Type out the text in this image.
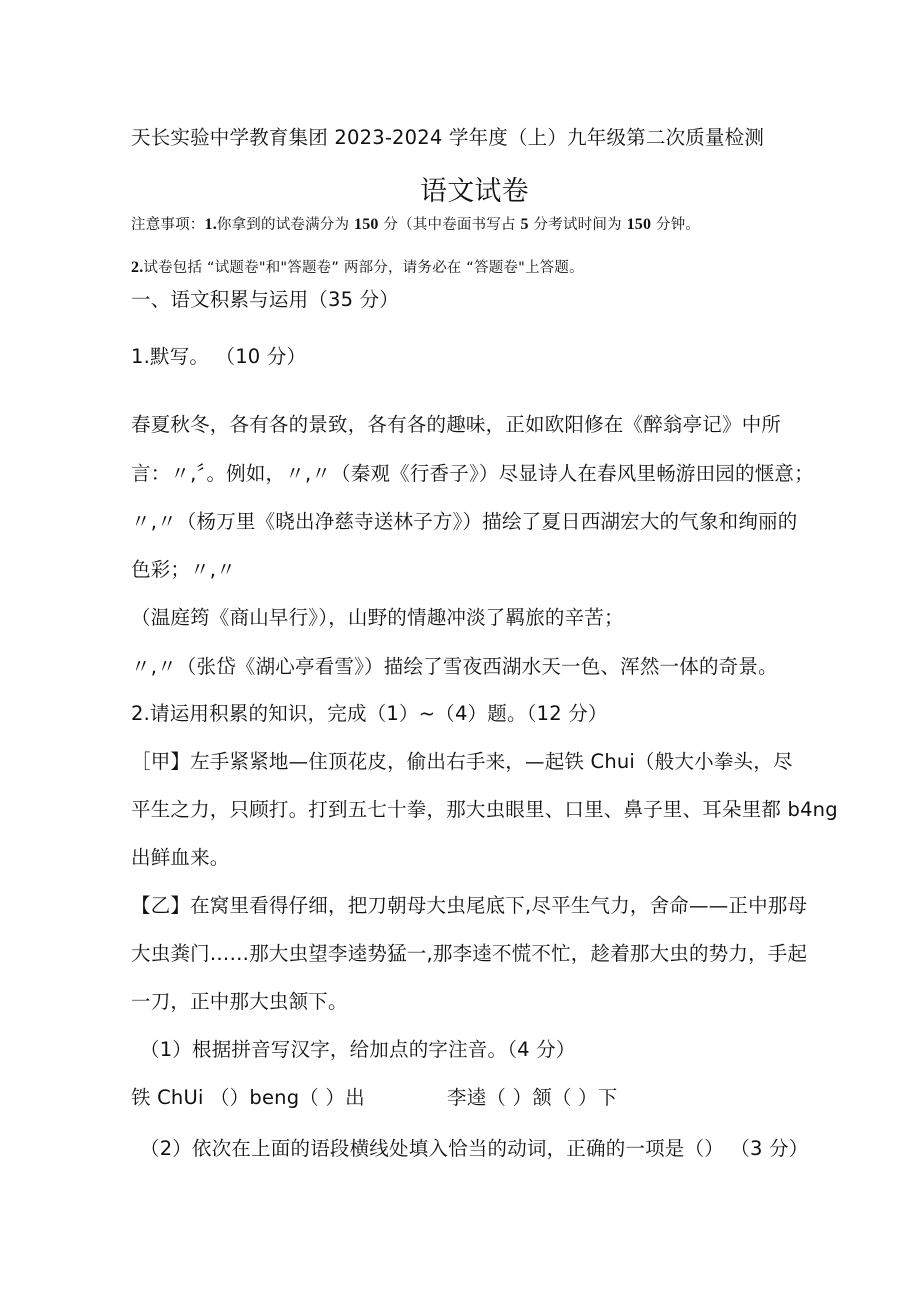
天长实验中学教育集团 2023-2024 学年度（上）九年级第二次质量检测
语文试卷
注意事项：1.你拿到的试卷满分为 150 分（其中卷面书写占 5 分考试时间为 150 分钟。
2.试卷包括 “试题卷"和"答题卷” 两部分，请务必在 “答题卷"上答题。
一、语文积累与运用（35 分）
1.默写。 （10 分）
春夏秋冬，各有各的景致，各有各的趣味，正如欧阳修在《醉翁亭记》中所
言：〃,〞。例如，〃,〃（秦观《行香子》）尽显诗人在春风里畅游田园的惬意；
〃,〃（杨万里《晓出净慈寺送林子方》）描绘了夏日西湖宏大的气象和绚丽的
色彩；〃,〃
（温庭筠《商山早行》），山野的情趣冲淡了羁旅的辛苦；
〃,〃（张岱《湖心亭看雪》）描绘了雪夜西湖水天一色、浑然一体的奇景。
2.请运用积累的知识，完成（1）~（4）题。（12 分）
［甲】左手紧紧地—住顶花皮，偷出右手来，—起铁 Chui（般大小拳头，尽
平生之力，只顾打。打到五七十拳，那大虫眼里、口里、鼻子里、耳朵里都 b4ng
出鲜血来。
【乙】在窝里看得仔细，把刀朝母大虫尾底下,尽平生气力，舍命——正中那母
大虫粪门……那大虫望李逵势猛一,那李逵不慌不忙，趁着那大虫的势力，手起
一刀，正中那大虫颔下。
（1）根据拼音写汉字，给加点的字注音。（4 分）
铁 ChUi （）beng（ ）出	李逵（ ）颔（ ）下
（2）依次在上面的语段横线处填入恰当的动词，正确的一项是（） （3 分）
